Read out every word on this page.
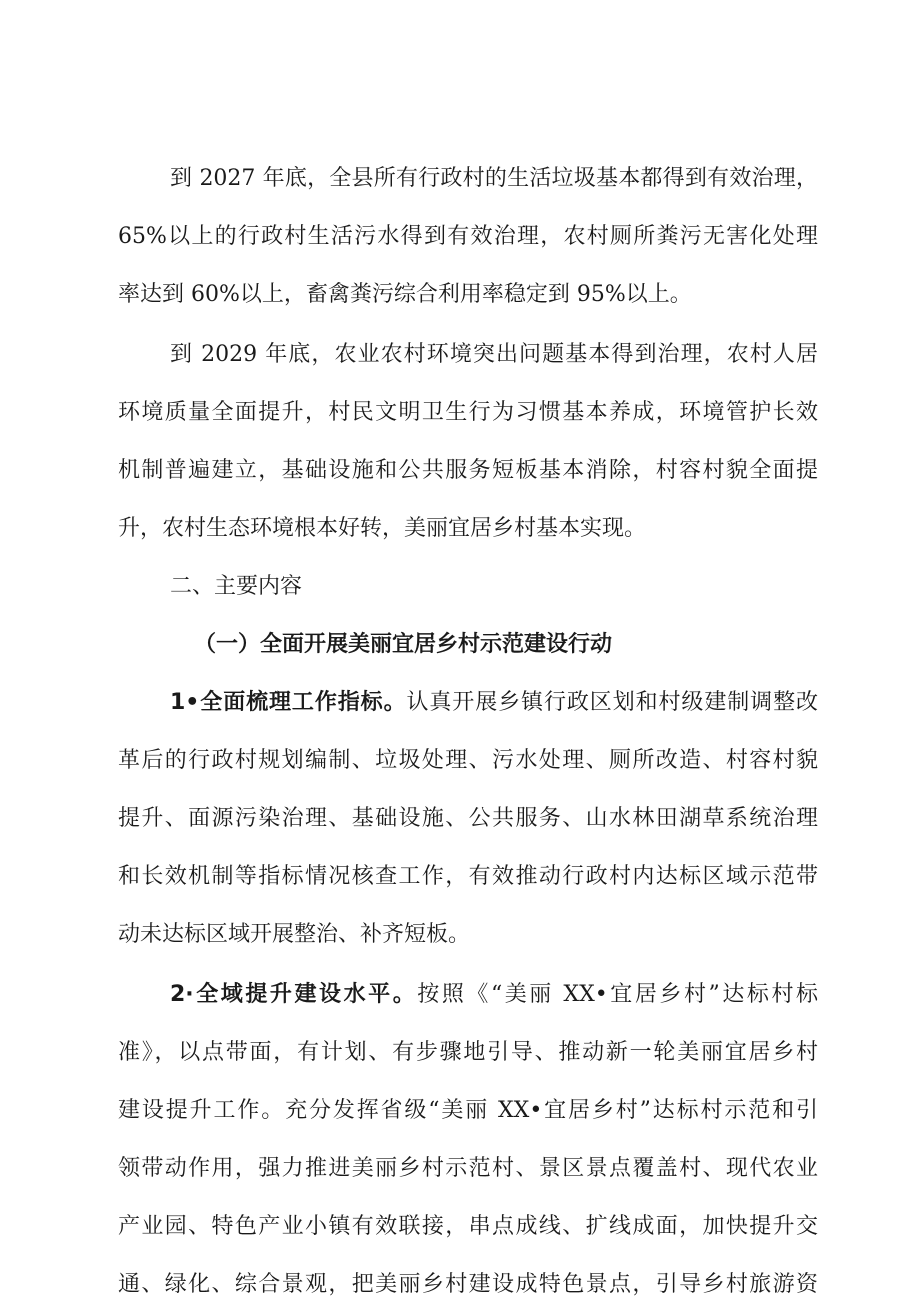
到 2027 年底，全县所有行政村的生活垃圾基本都得到有效治理，
65%以上的行政村生活污水得到有效治理，农村厕所粪污无害化处理
率达到 60%以上，畜禽粪污综合利用率稳定到 95%以上。
到 2029 年底，农业农村环境突出问题基本得到治理，农村人居
环境质量全面提升，村民文明卫生行为习惯基本养成，环境管护长效
机制普遍建立，基础设施和公共服务短板基本消除，村容村貌全面提
升，农村生态环境根本好转，美丽宜居乡村基本实现。
二、主要内容
（一）全面开展美丽宜居乡村示范建设行动
1•全面梳理工作指标。认真开展乡镇行政区划和村级建制调整改
革后的行政村规划编制、垃圾处理、污水处理、厕所改造、村容村貌
提升、面源污染治理、基础设施、公共服务、山水林田湖草系统治理
和长效机制等指标情况核查工作，有效推动行政村内达标区域示范带
动未达标区域开展整治、补齐短板。
2·全域提升建设水平。按照《“美丽 XX•宜居乡村”达标村标
准》，以点带面，有计划、有步骤地引导、推动新一轮美丽宜居乡村
建设提升工作。充分发挥省级“美丽 XX•宜居乡村”达标村示范和引
领带动作用，强力推进美丽乡村示范村、景区景点覆盖村、现代农业
产业园、特色产业小镇有效联接，串点成线、扩线成面，加快提升交
通、绿化、综合景观，把美丽乡村建设成特色景点，引导乡村旅游资
